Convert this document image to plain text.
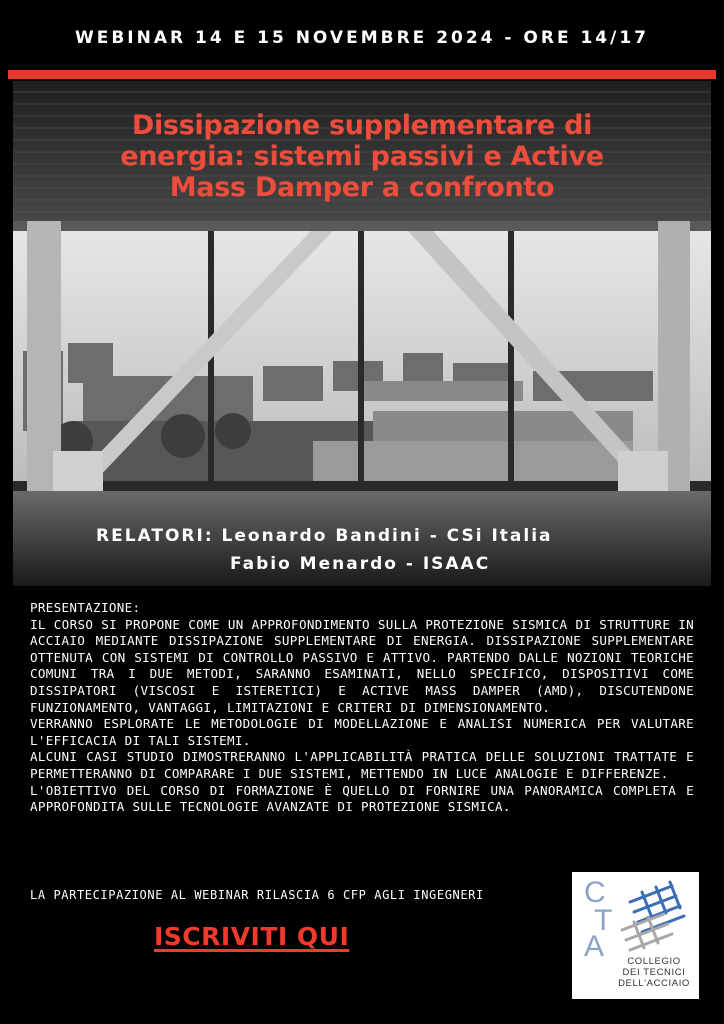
WEBINAR 14 E 15 NOVEMBRE 2024 - ORE 14/17
Dissipazione supplementare di
energia: sistemi passivi e Active
Mass Damper a confronto
RELATORI: Leonardo Bandini - CSi Italia
Fabio Menardo - ISAAC

PRESENTAZIONE:

IL CORSO SI PROPONE COME UN APPROFONDIMENTO SULLA PROTEZIONE SISMICA DI STRUTTURE IN ACCIAIO MEDIANTE DISSIPAZIONE SUPPLEMENTARE DI ENERGIA. DISSIPAZIONE SUPPLEMENTARE OTTENUTA CON SISTEMI DI CONTROLLO PASSIVO E ATTIVO. PARTENDO DALLE NOZIONI TEORICHE COMUNI TRA I DUE METODI, SARANNO ESAMINATI, NELLO SPECIFICO, DISPOSITIVI COME DISSIPATORI (VISCOSI E ISTERETICI) E ACTIVE MASS DAMPER (AMD), DISCUTENDONE FUNZIONAMENTO, VANTAGGI, LIMITAZIONI E CRITERI DI DIMENSIONAMENTO.

VERRANNO ESPLORATE LE METODOLOGIE DI MODELLAZIONE E ANALISI NUMERICA PER VALUTARE L'EFFICACIA DI TALI SISTEMI.

ALCUNI CASI STUDIO DIMOSTRERANNO L'APPLICABILITÀ PRATICA DELLE SOLUZIONI TRATTATE E PERMETTERANNO DI COMPARARE I DUE SISTEMI, METTENDO IN LUCE ANALOGIE E DIFFERENZE.

L'OBIETTIVO DEL CORSO DI FORMAZIONE È QUELLO DI FORNIRE UNA PANORAMICA COMPLETA E APPROFONDITA SULLE TECNOLOGIE AVANZATE DI PROTEZIONE SISMICA.

LA PARTECIPAZIONE AL WEBINAR RILASCIA 6 CFP AGLI INGEGNERI
ISCRIVITI QUI
C
T
A	COLLEGIO
DEI TECNICI
DELL'ACCIAIO
